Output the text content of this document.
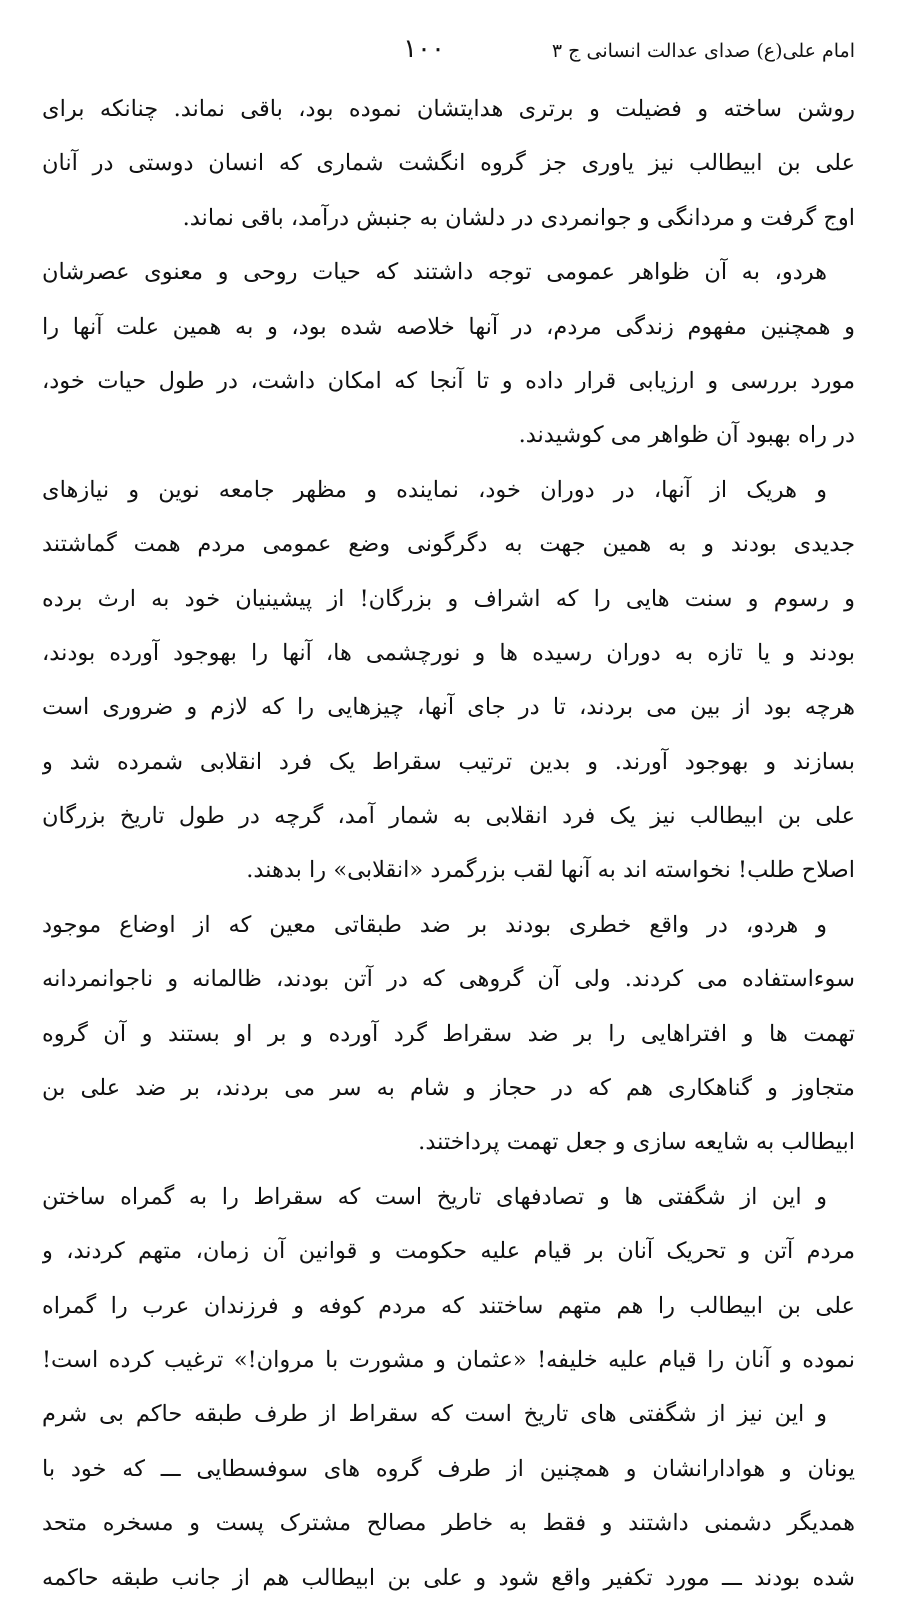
امام علی(ع) صدای عدالت انسانی ج ۳
۱۰۰
روشن ساخته و فضیلت و برتری هدایتشان نموده بود، باقی نماند. چنانکه برای
علی بن ابیطالب نیز یاوری جز گروه انگشت شماری که انسان دوستی در آنان
اوج گرفت و مردانگی و جوانمردی در دلشان به جنبش درآمد، باقی نماند.
هردو، به آن ظواهر عمومی توجه داشتند که حیات روحی و معنوی عصرشان
و همچنین مفهوم زندگی مردم، در آنها خلاصه شده بود، و به همین علت آنها را
مورد بررسی و ارزیابی قرار داده و تا آنجا که امکان داشت، در طول حیات خود،
در راه بهبود آن ظواهر می کوشیدند.
و هریک از آنها، در دوران خود، نماینده و مظهر جامعه نوین و نیازهای
جدیدی بودند و به همین جهت به دگرگونی وضع عمومی مردم همت گماشتند
و رسوم و سنت هایی را که اشراف و بزرگان! از پیشینیان خود به ارث برده
بودند و یا تازه به دوران رسیده ها و نورچشمی ها، آنها را بهوجود آورده بودند،
هرچه بود از بین می بردند، تا در جای آنها، چیزهایی را که لازم و ضروری است
بسازند و بهوجود آورند. و بدین ترتیب سقراط یک فرد انقلابی شمرده شد و
علی بن ابیطالب نیز یک فرد انقلابی به شمار آمد، گرچه در طول تاریخ بزرگان
اصلاح طلب! نخواسته اند به آنها لقب بزرگمرد «انقلابی» را بدهند.
و هردو، در واقع خطری بودند بر ضد طبقاتی معین که از اوضاع موجود
سوءاستفاده می کردند. ولی آن گروهی که در آتن بودند، ظالمانه و ناجوانمردانه
تهمت ها و افتراهایی را بر ضد سقراط گرد آورده و بر او بستند و آن گروه
متجاوز و گناهکاری هم که در حجاز و شام به سر می بردند، بر ضد علی بن
ابیطالب به شایعه سازی و جعل تهمت پرداختند.
و این از شگفتی ها و تصادفهای تاریخ است که سقراط را به گمراه ساختن
مردم آتن و تحریک آنان بر قیام علیه حکومت و قوانین آن زمان، متهم کردند، و
علی بن ابیطالب را هم متهم ساختند که مردم کوفه و فرزندان عرب را گمراه
نموده و آنان را قیام علیه خلیفه! «عثمان و مشورت با مروان!» ترغیب کرده است!
و این نیز از شگفتی های تاریخ است که سقراط از طرف طبقه حاکم بی شرم
یونان و هوادارانشان و همچنین از طرف گروه های سوفسطایی ـــ که خود با
همدیگر دشمنی داشتند و فقط به خاطر مصالح مشترک پست و مسخره متحد
شده بودند ـــ مورد تکفیر واقع شود و علی بن ابیطالب هم از جانب طبقه حاکمه
